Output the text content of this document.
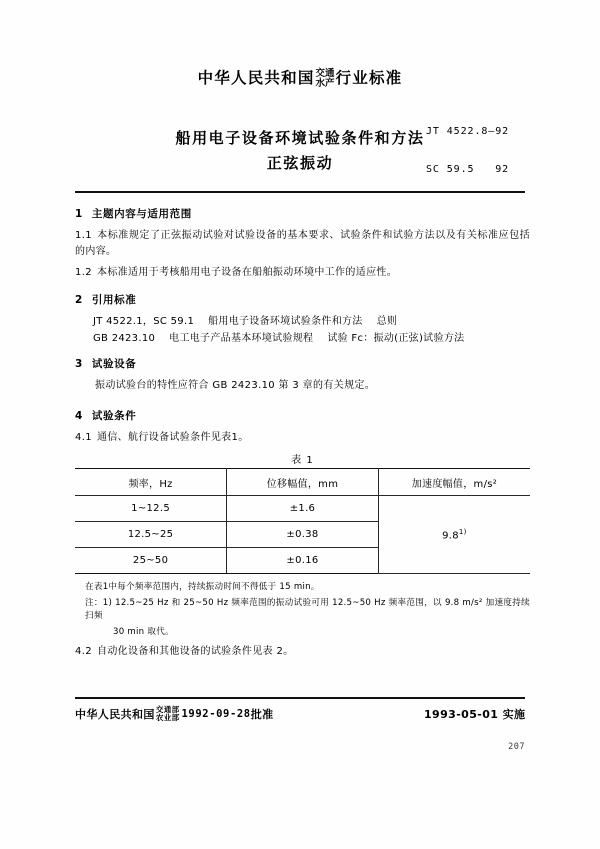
中华人民共和国 交通
水产 行业标准

JT 4522.8—92

SC 59.5   92

船用电子设备环境试验条件和方法
正弦振动
1 主题内容与适用范围

1.1 本标准规定了正弦振动试验对试验设备的基本要求、试验条件和试验方法以及有关标准应包括的内容。

1.2 本标准适用于考核船用电子设备在船舶振动环境中工作的适应性。

2 引用标准

JT 4522.1，SC 59.1 船用电子设备环境试验条件和方法 总则

GB 2423.10 电工电子产品基本环境试验规程 试验 Fc：振动(正弦)试验方法

3 试验设备

振动试验台的特性应符合 GB 2423.10 第 3 章的有关规定。

4 试验条件

4.1 通信、航行设备试验条件见表1。

表 1
频率，Hz	位移幅值，mm	加速度幅值，m/s²
1~12.5	±1.6	9.8$^{1)}$
12.5~25	±0.38	
25~50	±0.16	

在表1中每个频率范围内，持续振动时间不得低于 15 min。

注：1) 12.5~25 Hz 和 25~50 Hz 频率范围的振动试验可用 12.5~50 Hz 频率范围，以 9.8 m/s² 加速度持续扫频

30 min 取代。

4.2 自动化设备和其他设备的试验条件见表 2。

中华人民共和国 交通部
农业部 1992-09-28 批准	1993-05-01 实施
207
